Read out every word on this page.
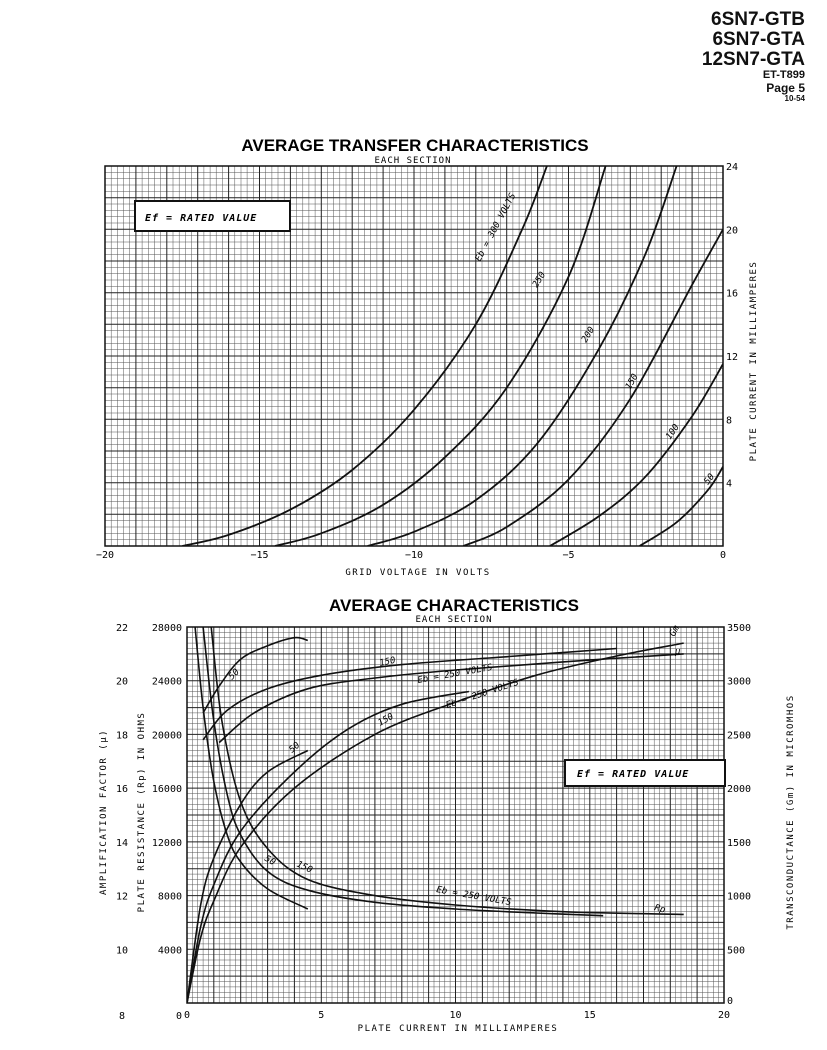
6SN7-GTB
6SN7-GTA
12SN7-GTA
ET-T899
Page 5
10-54
AVERAGE TRANSFER CHARACTERISTICS
EACH SECTION
Eb = 300 VOLTS
250
200
150
100
50
Ef = RATED VALUE
−20	−15	−10	−5	0
4
8
12
16
20
24
GRID VOLTAGE IN VOLTS
PLATE CURRENT IN MILLIAMPERES
AVERAGE CHARACTERISTICS
EACH SECTION
50
150
Eb = 250 VOLTS
150
Eb = 250 VOLTS
50
50 150
Eb = 250 VOLTS
Gm
μ
Rp
Ef = RATED VALUE
0	5	10	15	20
22
20
18
16
14
12
10
8
28000
24000
20000
16000
12000
8000
4000
0
3500
3000
2500
2000
1500
1000
500
0
PLATE CURRENT IN MILLIAMPERES
AMPLIFICATION FACTOR (μ)	PLATE RESISTANCE (Rp) IN OHMS	TRANSCONDUCTANCE (Gm) IN MICROMHOS
